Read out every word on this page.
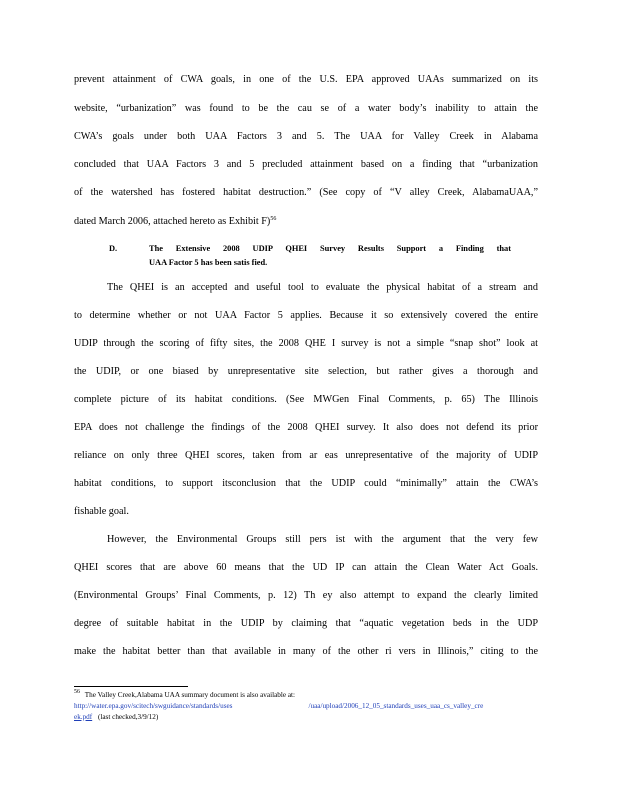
prevent attainment of CWA goals, in one of the U.S. EPA approved UAAs summarized on its
website, “urbanization” was found to be the cau se of a water body’s inability to attain the
CWA’s goals under both UAA Factors 3 and 5. The UAA for Valley Creek in Alabama
concluded that UAA Factors 3 and 5 precluded attainment based on a finding that “urbanization
of the watershed has fostered habitat destruction.” (See copy of “V alley Creek, AlabamaUAA,”
dated March 2006, attached hereto as Exhibit F)$^{56}$
D.	The Extensive 2008 UDIP QHEI Survey Results Support a Finding that
UAA Factor 5 has been satis fied.
The QHEI is an accepted and useful tool to evaluate the physical habitat of a stream and
to determine whether or not UAA Factor 5 applies. Because it so extensively covered the entire
UDIP through the scoring of fifty sites, the 2008 QHE I survey is not a simple “snap shot” look at
the UDIP, or one biased by unrepresentative site selection, but rather gives a thorough and
complete picture of its habitat conditions. (See MWGen Final Comments, p. 65) The Illinois
EPA does not challenge the findings of the 2008 QHEI survey. It also does not defend its prior
reliance on only three QHEI scores, taken from ar eas unrepresentative of the majority of UDIP
habitat conditions, to support itsconclusion that the UDIP could “minimally” attain the CWA’s
fishable goal.
However, the Environmental Groups still pers ist with the argument that the very few
QHEI scores that are above 60 means that the UD IP can attain the Clean Water Act Goals.
(Environmental Groups’ Final Comments, p. 12) Th ey also attempt to expand the clearly limited
degree of suitable habitat in the UDIP by claiming that “aquatic vegetation beds in the UDP
make the habitat better than that available in many of the other ri vers in Illinois,” citing to the
$^{56}$ The Valley Creek,Alabama UAA summary document is also available at:
http://water.epa.gov/scitech/swguidance/standards/uses	/uaa/upload/2006_12_05_standards_uses_uaa_cs_valley_cre
ek.pdf (last checked,3/9/12)
